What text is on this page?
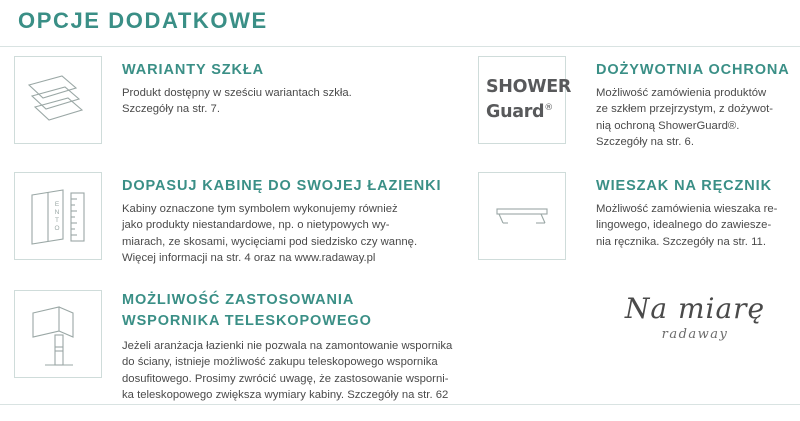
OPCJE DODATKOWE
WARIANTY SZKŁA
Produkt dostępny w sześciu wariantach szkła.
Szczegóły na str. 7.
E
N
T
O
DOPASUJ KABINĘ DO SWOJEJ ŁAZIENKI
Kabiny oznaczone tym symbolem wykonujemy również
jako produkty niestandardowe, np. o nietypowych wy-
miarach, ze skosami, wycięciami pod siedzisko czy wannę.
Więcej informacji na str. 4 oraz na www.radaway.pl
MOŻLIWOŚĆ ZASTOSOWANIA
WSPORNIKA TELESKOPOWEGO
Jeżeli aranżacja łazienki nie pozwala na zamontowanie wspornika
do ściany, istnieje możliwość zakupu teleskopowego wspornika
dosufitowego. Prosimy zwrócić uwagę, że zastosowanie wsporni-
ka teleskopowego zwiększa wymiary kabiny. Szczegóły na str. 62
SHOWER
Guard®
DOŻYWOTNIA OCHRONA
Możliwość zamówienia produktów
ze szkłem przejrzystym, z dożywot-
nią ochroną ShowerGuard®.
Szczegóły na str. 6.
WIESZAK NA RĘCZNIK
Możliwość zamówienia wieszaka re-
lingowego, idealnego do zawiesze-
nia ręcznika. Szczegóły na str. 11.
Na miarę
radaway
